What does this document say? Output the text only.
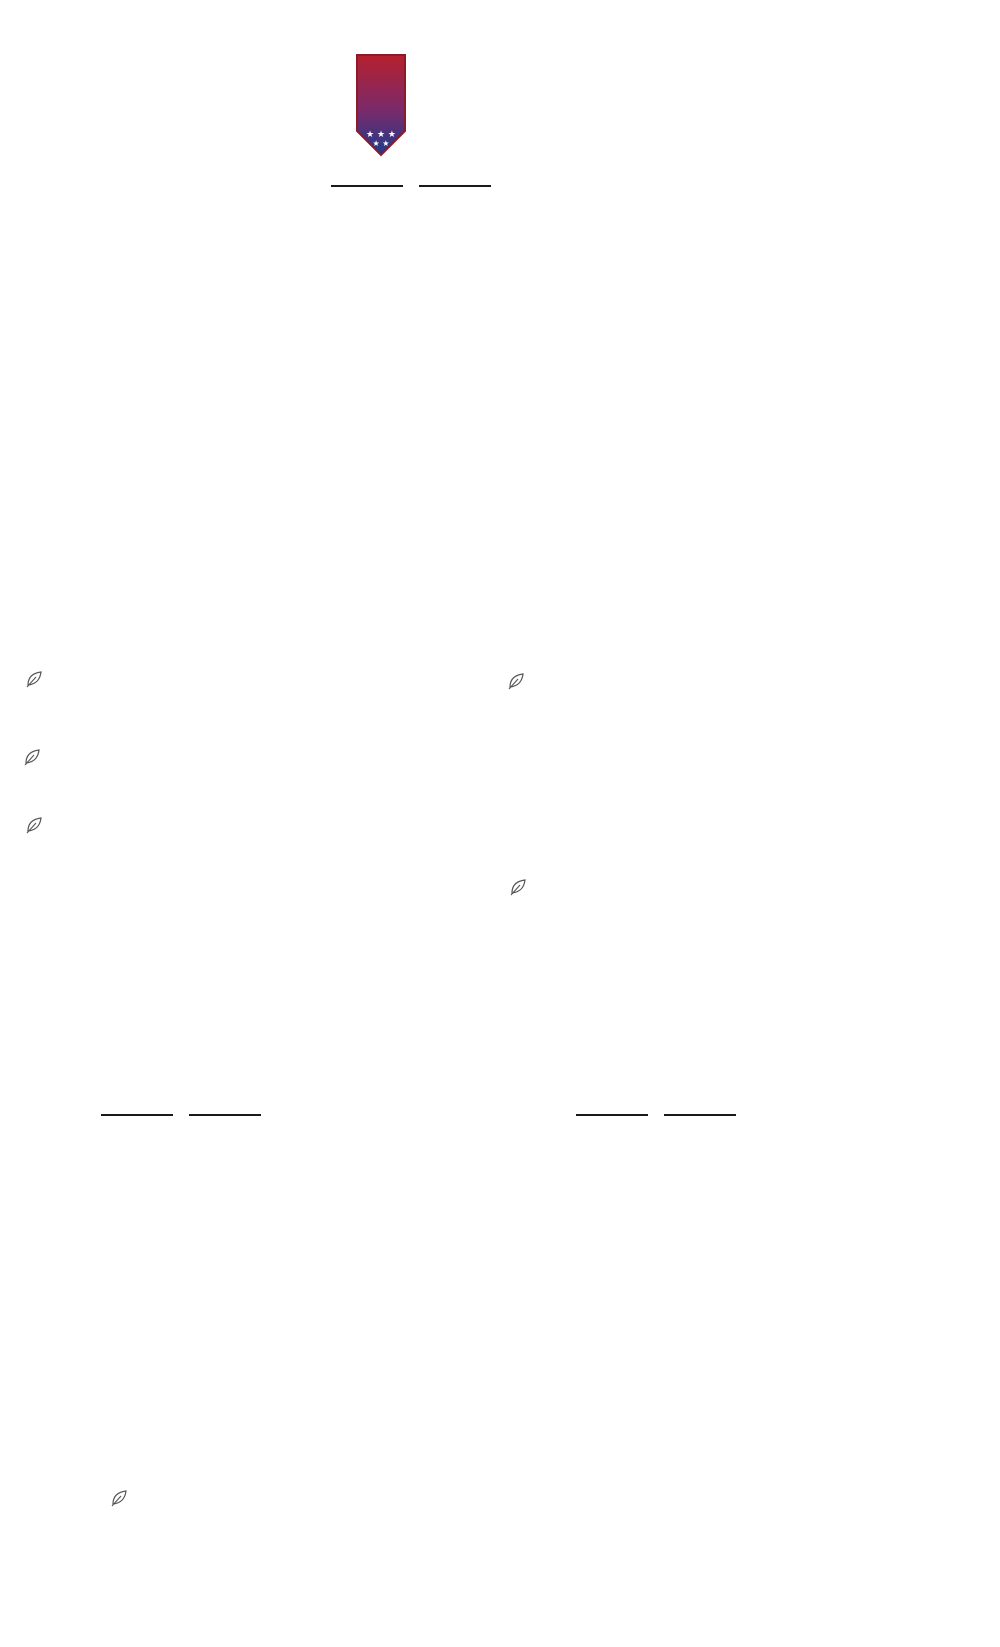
★ ★ ★
★ ★
